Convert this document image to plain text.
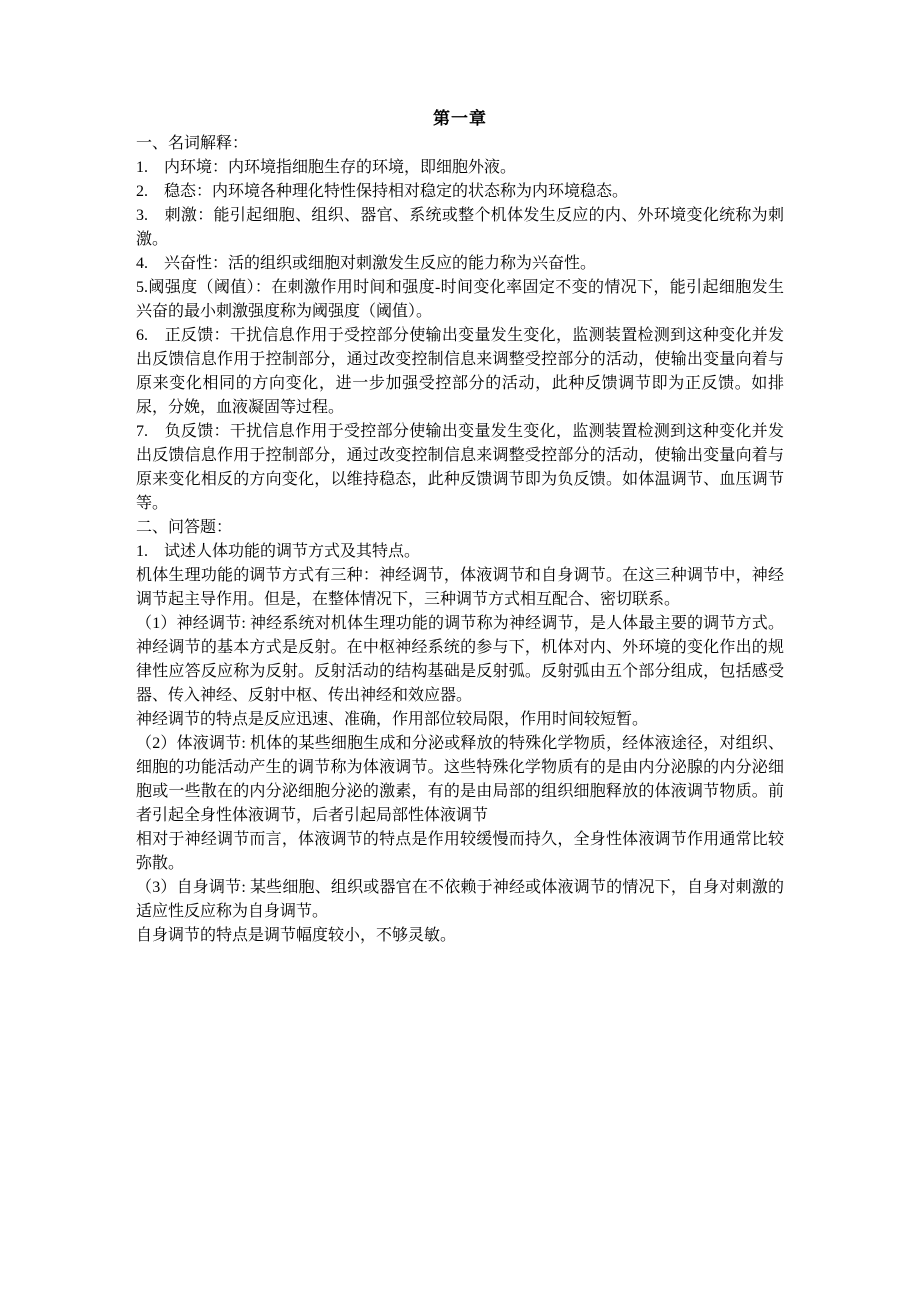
第一章

一、名词解释：

1.　内环境：内环境指细胞生存的环境，即细胞外液。

2.　稳态：内环境各种理化特性保持相对稳定的状态称为内环境稳态。

3.　刺激：能引起细胞、组织、器官、系统或整个机体发生反应的内、外环境变化统称为刺激。

4.　兴奋性：活的组织或细胞对刺激发生反应的能力称为兴奋性。

5.阈强度（阈值）：在刺激作用时间和强度-时间变化率固定不变的情况下，能引起细胞发生兴奋的最小刺激强度称为阈强度（阈值）。

6.　正反馈：干扰信息作用于受控部分使输出变量发生变化，监测装置检测到这种变化并发出反馈信息作用于控制部分，通过改变控制信息来调整受控部分的活动，使输出变量向着与原来变化相同的方向变化，进一步加强受控部分的活动，此种反馈调节即为正反馈。如排尿，分娩，血液凝固等过程。

7.　负反馈：干扰信息作用于受控部分使输出变量发生变化，监测装置检测到这种变化并发出反馈信息作用于控制部分，通过改变控制信息来调整受控部分的活动，使输出变量向着与原来变化相反的方向变化，以维持稳态，此种反馈调节即为负反馈。如体温调节、血压调节等。

二、问答题：

1.　试述人体功能的调节方式及其特点。

机体生理功能的调节方式有三种：神经调节，体液调节和自身调节。在这三种调节中，神经调节起主导作用。但是，在整体情况下，三种调节方式相互配合、密切联系。

（1）神经调节: 神经系统对机体生理功能的调节称为神经调节，是人体最主要的调节方式。神经调节的基本方式是反射。在中枢神经系统的参与下，机体对内、外环境的变化作出的规律性应答反应称为反射。反射活动的结构基础是反射弧。反射弧由五个部分组成，包括感受器、传入神经、反射中枢、传出神经和效应器。

神经调节的特点是反应迅速、准确，作用部位较局限，作用时间较短暂。

（2）体液调节: 机体的某些细胞生成和分泌或释放的特殊化学物质，经体液途径，对组织、细胞的功能活动产生的调节称为体液调节。这些特殊化学物质有的是由内分泌腺的内分泌细胞或一些散在的内分泌细胞分泌的激素，有的是由局部的组织细胞释放的体液调节物质。前者引起全身性体液调节，后者引起局部性体液调节

相对于神经调节而言，体液调节的特点是作用较缓慢而持久，全身性体液调节作用通常比较弥散。

（3）自身调节: 某些细胞、组织或器官在不依赖于神经或体液调节的情况下，自身对刺激的适应性反应称为自身调节。

自身调节的特点是调节幅度较小，不够灵敏。
